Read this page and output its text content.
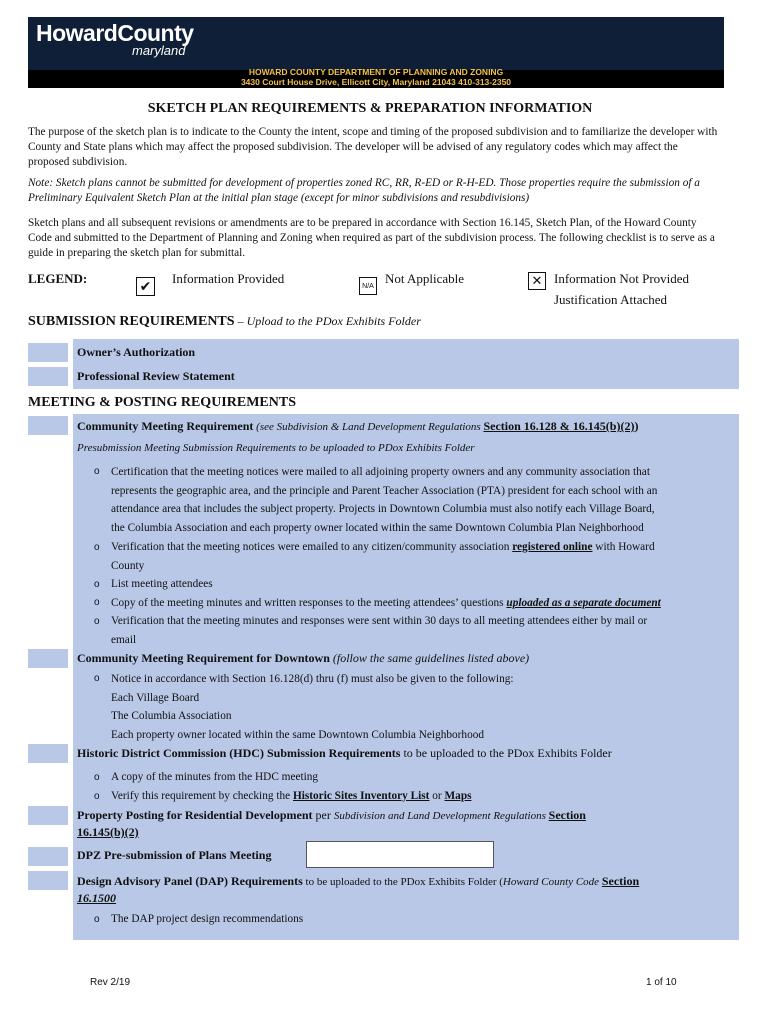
HowardCounty
maryland
HOWARD COUNTY DEPARTMENT OF PLANNING AND ZONING
3430 Court House Drive, Ellicott City, Maryland 21043 410-313-2350
SKETCH PLAN REQUIREMENTS & PREPARATION INFORMATION

The purpose of the sketch plan is to indicate to the County the intent, scope and timing of the proposed subdivision and to familiarize the developer with County and State plans which may affect the proposed subdivision. The developer will be advised of any regulatory codes which may affect the proposed subdivision.

Note: Sketch plans cannot be submitted for development of properties zoned RC, RR, R-ED or R-H-ED. Those properties require the submission of a Preliminary Equivalent Sketch Plan at the initial plan stage (except for minor subdivisions and resubdivisions)

Sketch plans and all subsequent revisions or amendments are to be prepared in accordance with Section 16.145, Sketch Plan, of the Howard County Code and submitted to the Department of Planning and Zoning when required as part of the subdivision process. The following checklist is to serve as a guide in preparing the sketch plan for submittal.

LEGEND:	✔ Information Provided	N/A Not Applicable	✕ Information Not Provided
Justification Attached
SUBMISSION REQUIREMENTS – Upload to the PDox Exhibits Folder
Owner’s Authorization
Professional Review Statement
MEETING & POSTING REQUIREMENTS
Community Meeting Requirement (see Subdivision & Land Development Regulations Section 16.128 & 16.145(b)(2))
Presubmission Meeting Submission Requirements to be uploaded to PDox Exhibits Folder
o Certification that the meeting notices were mailed to all adjoining property owners and any community association that
represents the geographic area, and the principle and Parent Teacher Association (PTA) president for each school with an
attendance area that includes the subject property. Projects in Downtown Columbia must also notify each Village Board,
the Columbia Association and each property owner located within the same Downtown Columbia Plan Neighborhood
o Verification that the meeting notices were emailed to any citizen/community association registered online with Howard
County
o List meeting attendees
o Copy of the meeting minutes and written responses to the meeting attendees’ questions uploaded as a separate document
o Verification that the meeting minutes and responses were sent within 30 days to all meeting attendees either by mail or
email
Community Meeting Requirement for Downtown (follow the same guidelines listed above)
o Notice in accordance with Section 16.128(d) thru (f) must also be given to the following:
Each Village Board
The Columbia Association
Each property owner located within the same Downtown Columbia Neighborhood
Historic District Commission (HDC) Submission Requirements to be uploaded to the PDox Exhibits Folder
o A copy of the minutes from the HDC meeting
o Verify this requirement by checking the Historic Sites Inventory List or Maps
Property Posting for Residential Development per Subdivision and Land Development Regulations Section
16.145(b)(2)
DPZ Pre-submission of Plans Meeting
Design Advisory Panel (DAP) Requirements to be uploaded to the PDox Exhibits Folder (Howard County Code Section
16.1500
o The DAP project design recommendations
Rev 2/19	1 of 10
